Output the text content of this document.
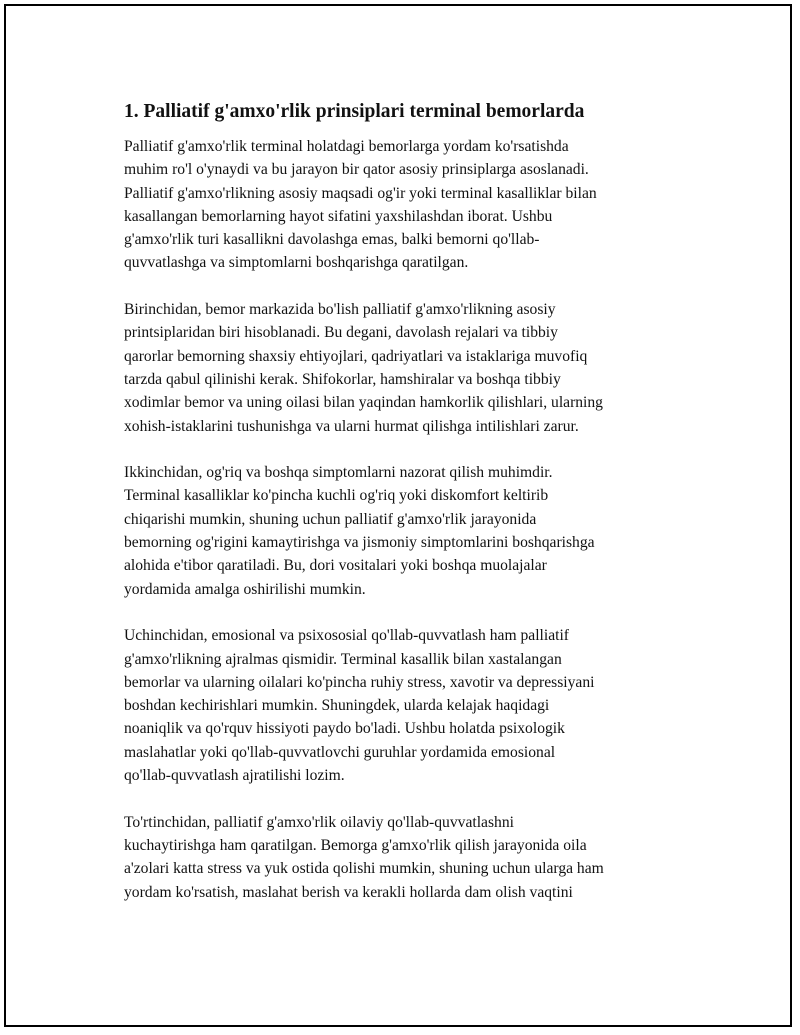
1. Palliatif g'amxo'rlik prinsiplari terminal bemorlarda

Palliatif g'amxo'rlik terminal holatdagi bemorlarga yordam ko'rsatishda
muhim ro'l o'ynaydi va bu jarayon bir qator asosiy prinsiplarga asoslanadi.
Palliatif g'amxo'rlikning asosiy maqsadi og'ir yoki terminal kasalliklar bilan
kasallangan bemorlarning hayot sifatini yaxshilashdan iborat. Ushbu
g'amxo'rlik turi kasallikni davolashga emas, balki bemorni qo'llab-
quvvatlashga va simptomlarni boshqarishga qaratilgan.

Birinchidan, bemor markazida bo'lish palliatif g'amxo'rlikning asosiy
printsiplaridan biri hisoblanadi. Bu degani, davolash rejalari va tibbiy
qarorlar bemorning shaxsiy ehtiyojlari, qadriyatlari va istaklariga muvofiq
tarzda qabul qilinishi kerak. Shifokorlar, hamshiralar va boshqa tibbiy
xodimlar bemor va uning oilasi bilan yaqindan hamkorlik qilishlari, ularning
xohish-istaklarini tushunishga va ularni hurmat qilishga intilishlari zarur.

Ikkinchidan, og'riq va boshqa simptomlarni nazorat qilish muhimdir.
Terminal kasalliklar ko'pincha kuchli og'riq yoki diskomfort keltirib
chiqarishi mumkin, shuning uchun palliatif g'amxo'rlik jarayonida
bemorning og'rigini kamaytirishga va jismoniy simptomlarini boshqarishga
alohida e'tibor qaratiladi. Bu, dori vositalari yoki boshqa muolajalar
yordamida amalga oshirilishi mumkin.

Uchinchidan, emosional va psixososial qo'llab-quvvatlash ham palliatif
g'amxo'rlikning ajralmas qismidir. Terminal kasallik bilan xastalangan
bemorlar va ularning oilalari ko'pincha ruhiy stress, xavotir va depressiyani
boshdan kechirishlari mumkin. Shuningdek, ularda kelajak haqidagi
noaniqlik va qo'rquv hissiyoti paydo bo'ladi. Ushbu holatda psixologik
maslahatlar yoki qo'llab-quvvatlovchi guruhlar yordamida emosional
qo'llab-quvvatlash ajratilishi lozim.

To'rtinchidan, palliatif g'amxo'rlik oilaviy qo'llab-quvvatlashni
kuchaytirishga ham qaratilgan. Bemorga g'amxo'rlik qilish jarayonida oila
a'zolari katta stress va yuk ostida qolishi mumkin, shuning uchun ularga ham
yordam ko'rsatish, maslahat berish va kerakli hollarda dam olish vaqtini
